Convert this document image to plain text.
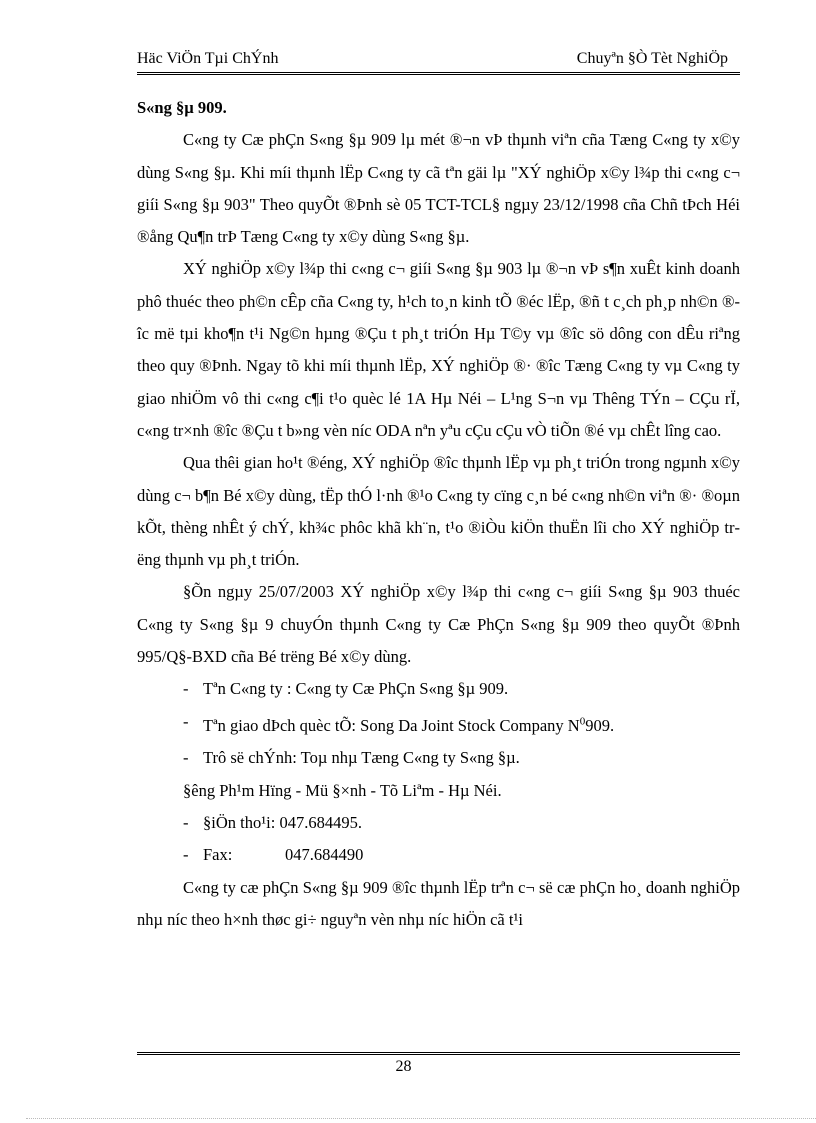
Häc ViÖn Tµi ChÝnh	Chuyªn §Ò Tèt NghiÖp

S«ng §µ 909.

C«ng ty Cæ phÇn S«ng §µ 909 lµ mét ®¬n vÞ thµnh viªn cña Tæng C«ng ty x©y dùng S«ng §µ. Khi míi thµnh lËp C«ng ty cã tªn gäi lµ "XÝ nghiÖp x©y l¾p thi c«ng c¬ giíi S«ng §µ 903" Theo quyÕt ®Þnh sè 05 TCT-TCL§ ngµy 23/12/1998 cña Chñ tÞch Héi ®ång Qu¶n trÞ Tæng C«ng ty x©y dùng S«ng §µ.

XÝ nghiÖp x©y l¾p thi c«ng c¬ giíi S«ng §µ 903 lµ ®¬n vÞ s¶n xuÊt kinh doanh phô thuéc theo ph©n cÊp cña C«ng ty, h¹ch to¸n kinh tÕ ®éc lËp, ®ñ t c¸ch ph¸p nh©n ®îc më tµi kho¶n t¹i Ng©n hµng ®Çu t ph¸t triÓn Hµ T©y vµ ®îc sö dông con dÊu riªng theo quy ®Þnh. Ngay tõ khi míi thµnh lËp, XÝ nghiÖp ®· ®îc Tæng C«ng ty vµ C«ng ty giao nhiÖm vô thi c«ng c¶i t¹o quèc lé 1A Hµ Néi – L¹ng S¬n vµ Thêng TÝn – CÇu rÏ, c«ng tr×nh ®îc ®Çu t b»ng vèn níc ODA nªn yªu cÇu cÇu vÒ tiÕn ®é vµ chÊt lîng cao.

Qua thêi gian ho¹t ®éng, XÝ nghiÖp ®îc thµnh lËp vµ ph¸t triÓn trong ngµnh x©y dùng c¬ b¶n Bé x©y dùng, tËp thÓ l·nh ®¹o C«ng ty cïng c¸n bé c«ng nh©n viªn ®· ®oµn kÕt, thèng nhÊt ý chÝ, kh¾c phôc khã kh¨n, t¹o ®iÒu kiÖn thuËn lîi cho XÝ nghiÖp trëng thµnh vµ ph¸t triÓn.

§Õn ngµy 25/07/2003 XÝ nghiÖp x©y l¾p thi c«ng c¬ giíi S«ng §µ 903 thuéc C«ng ty S«ng §µ 9 chuyÓn thµnh C«ng ty Cæ PhÇn S«ng §µ 909 theo quyÕt ®Þnh 995/Q§-BXD cña Bé trëng Bé x©y dùng.

- Tªn C«ng ty : C«ng ty Cæ PhÇn S«ng §µ 909.
- Tªn giao dÞch quèc tÕ: Song Da Joint Stock Company $N^0909$.
- Trô së chÝnh: Toµ nhµ Tæng C«ng ty S«ng §µ.

§êng Ph¹m Hïng - Mü §×nh - Tõ Liªm - Hµ Néi.

- §iÖn tho¹i: 047.684495.
- Fax:	047.684490

C«ng ty cæ phÇn S«ng §µ 909 ®îc thµnh lËp trªn c¬ së cæ phÇn ho¸ doanh nghiÖp nhµ níc theo h×nh thøc gi÷ nguyªn vèn nhµ níc hiÖn cã t¹i

28
